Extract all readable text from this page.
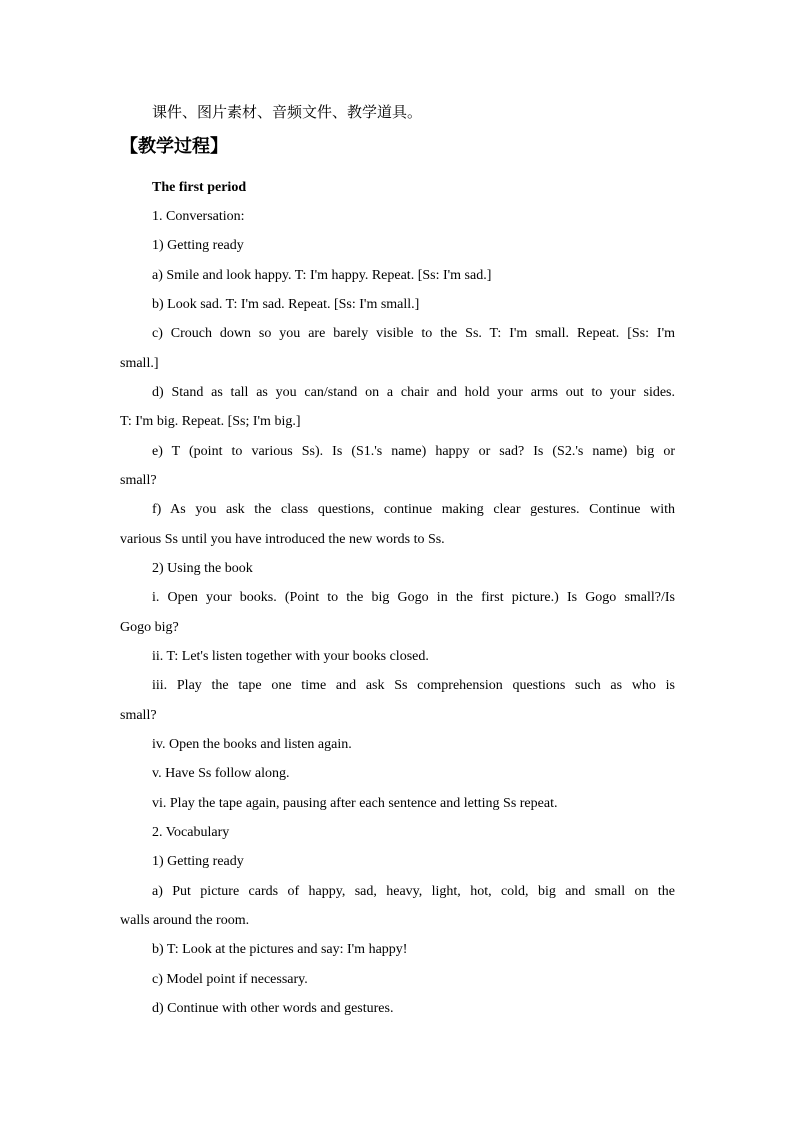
课件、图片素材、音频文件、教学道具。
【教学过程】
The first period
1. Conversation:
1) Getting ready
a) Smile and look happy. T: I'm happy. Repeat. [Ss: I'm sad.]
b) Look sad. T: I'm sad. Repeat. [Ss: I'm small.]
c) Crouch down so you are barely visible to the Ss. T: I'm small. Repeat. [Ss: I'm
small.]
d) Stand as tall as you can/stand on a chair and hold your arms out to your sides.
T: I'm big. Repeat. [Ss; I'm big.]
e) T (point to various Ss). Is (S1.'s name) happy or sad? Is (S2.'s name) big or
small?
f) As you ask the class questions, continue making clear gestures. Continue with
various Ss until you have introduced the new words to Ss.
2) Using the book
i. Open your books. (Point to the big Gogo in the first picture.) Is Gogo small?/Is
Gogo big?
ii. T: Let's listen together with your books closed.
iii. Play the tape one time and ask Ss comprehension questions such as who is
small?
iv. Open the books and listen again.
v. Have Ss follow along.
vi. Play the tape again, pausing after each sentence and letting Ss repeat.
2. Vocabulary
1) Getting ready
a) Put picture cards of happy, sad, heavy, light, hot, cold, big and small on the
walls around the room.
b) T: Look at the pictures and say: I'm happy!
c) Model point if necessary.
d) Continue with other words and gestures.
